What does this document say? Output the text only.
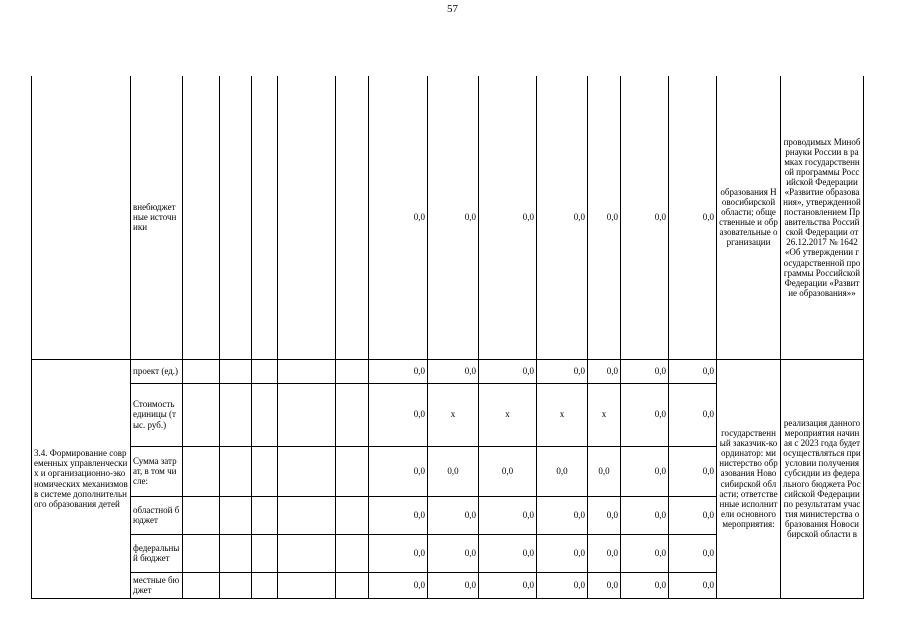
57
	внебюджетные источники						0,0	0,0	0,0	0,0	0,0	0,0	0,0	образования Новосибирской области; общественные и образовательные организации	проводимых Минобрнауки России в рамках государственной программы Российской Федерации «Развитие образования», утвержденной постановлением Правительства Российской Федерации от 26.12.2017 № 1642 «Об утверждении государственной программы Российской Федерации «Развитие образования»»
3.4. Формирование современных управленческих и организационно-экономических механизмов в системе дополнительного образования детей	проект (ед.)						0,0	0,0	0,0	0,0	0,0	0,0	0,0	государственный заказчик-координатор: министерство образования Новосибирской области; ответственные исполнители основного мероприятия:	реализация данного мероприятия начиная с 2023 года будет осуществляться при условии получения субсидии из федерального бюджета Российской Федерации по результатам участия министерства образования Новосибирской области в
	Стоимость единицы (тыс. руб.)						0,0	x	x	x	x	0,0	0,0		
	Сумма затрат, в том числе:						0,0	0,0	0,0	0,0	0,0	0,0	0,0		
	областной бюджет						0,0	0,0	0,0	0,0	0,0	0,0	0,0		
	федеральный бюджет						0,0	0,0	0,0	0,0	0,0	0,0	0,0		
	местные бюджет						0,0	0,0	0,0	0,0	0,0	0,0	0,0		
